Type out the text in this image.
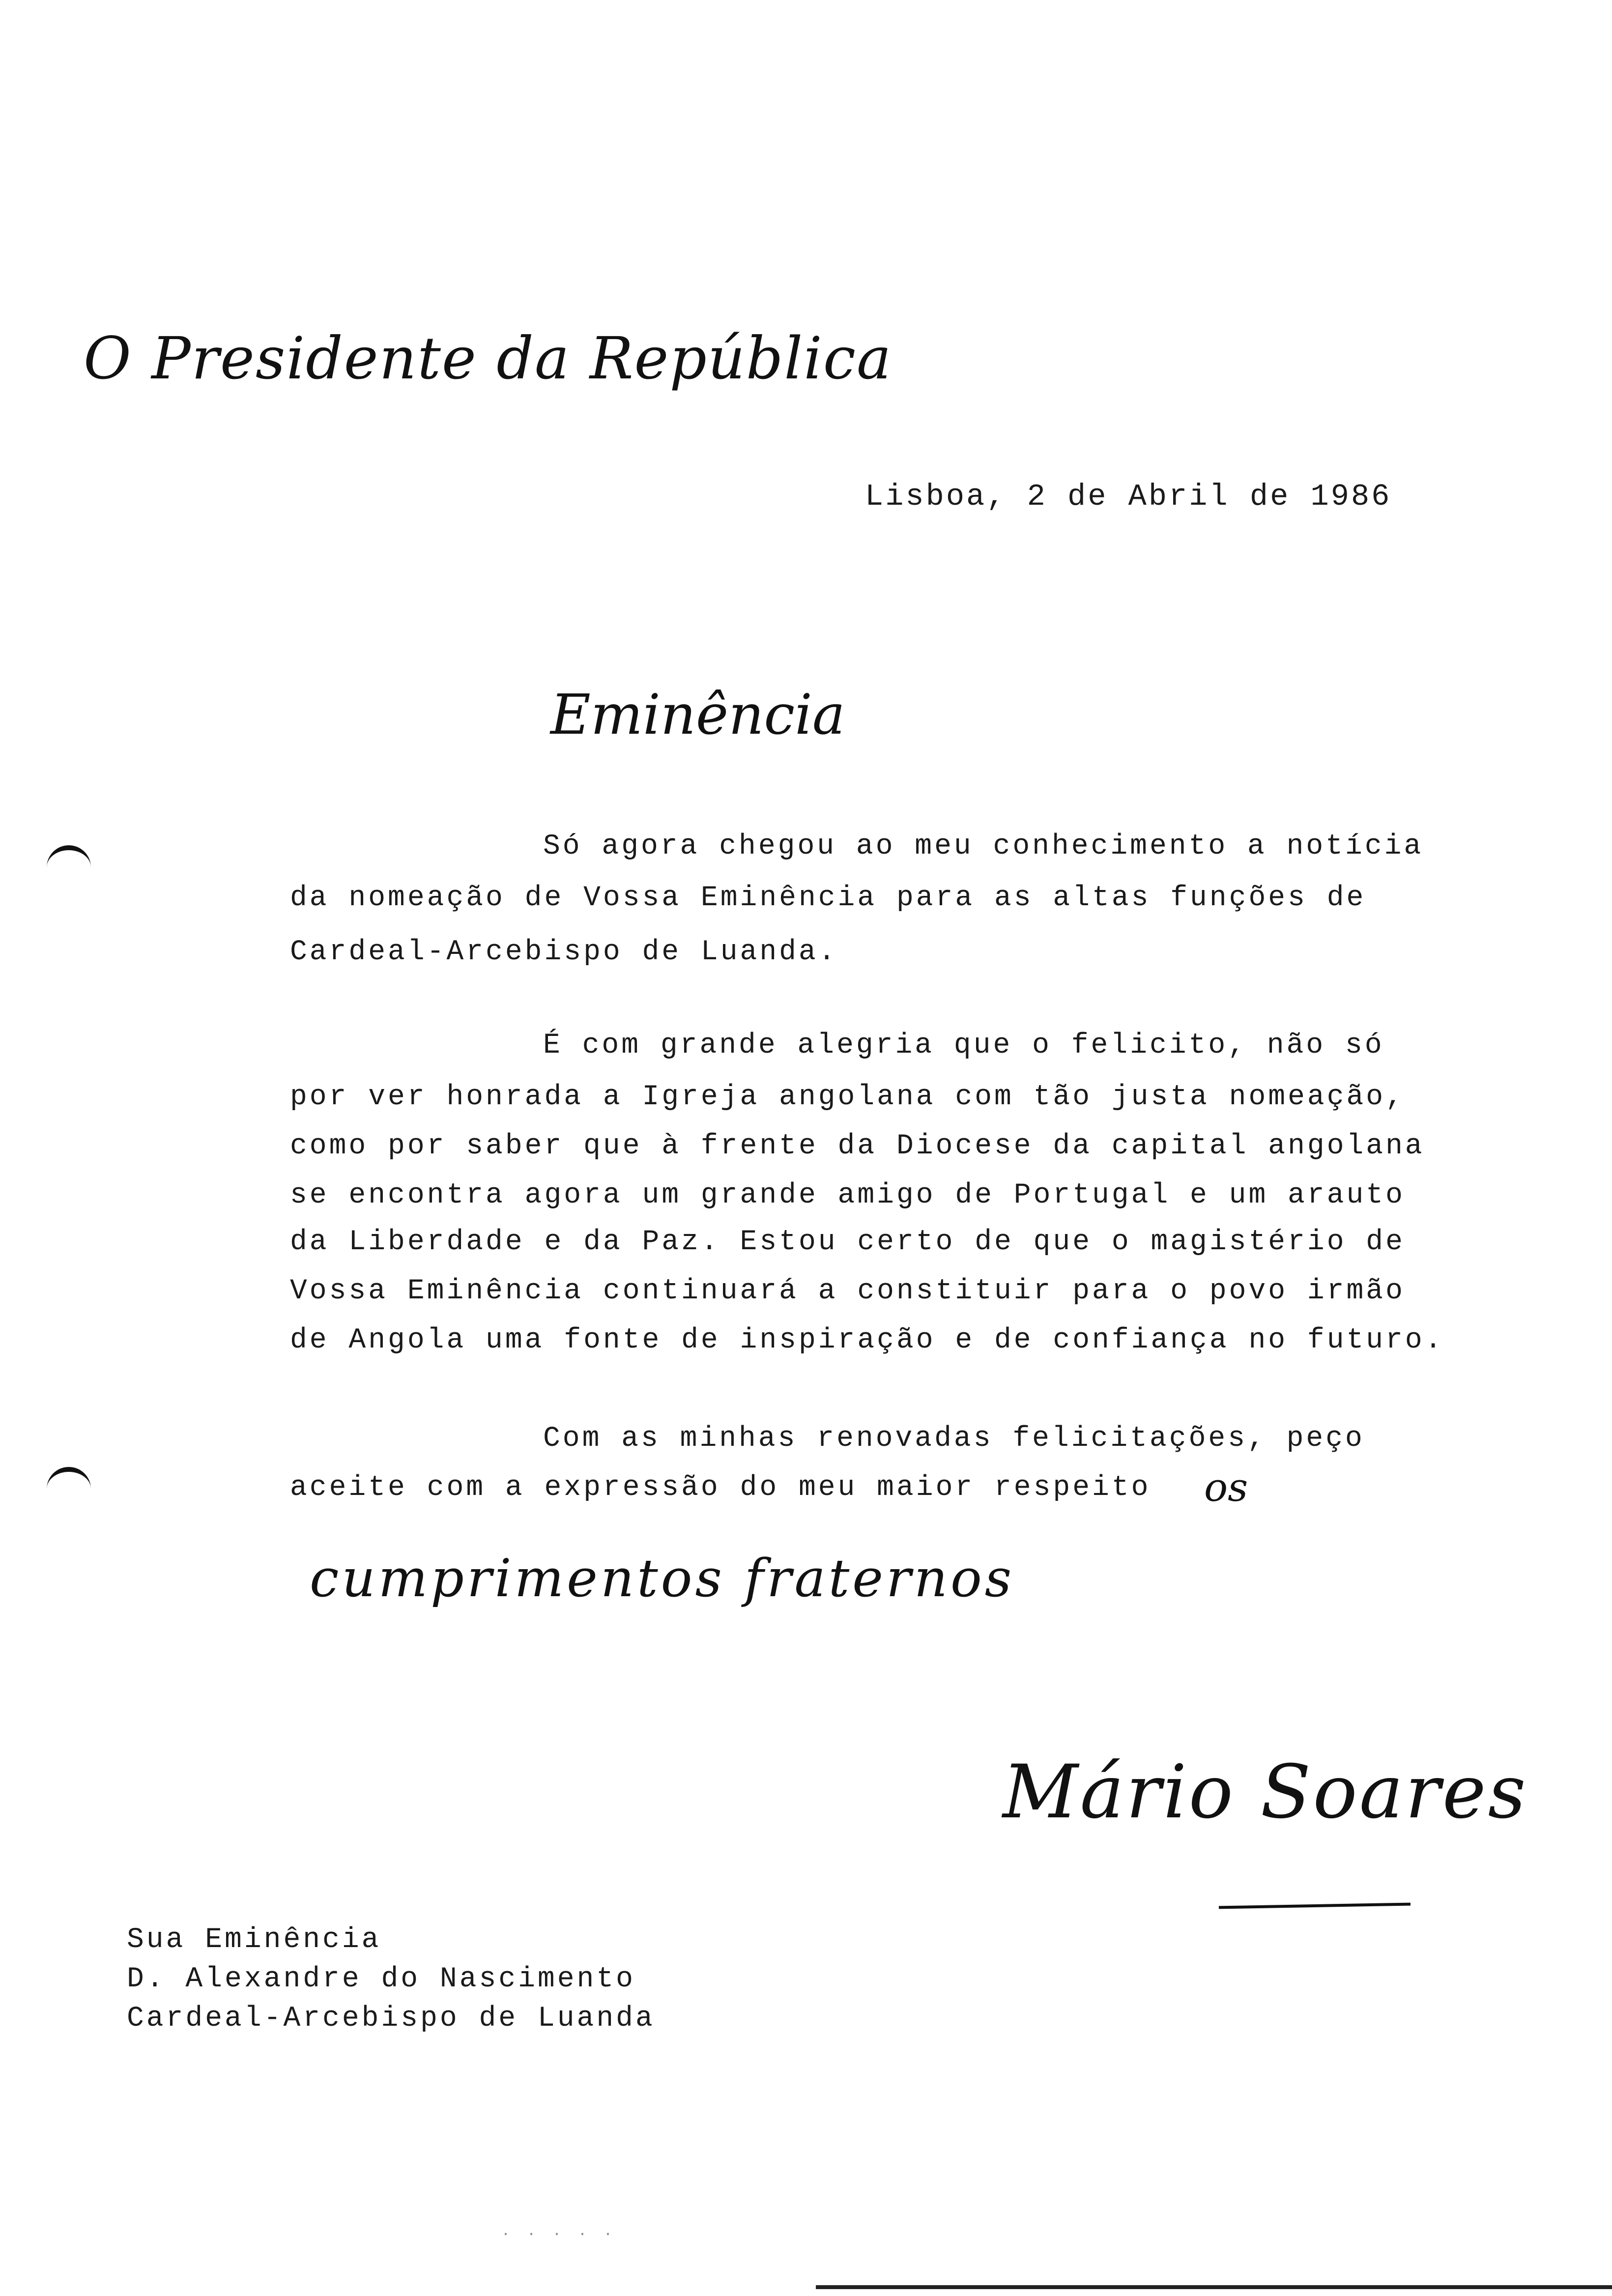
O Presidente da República
Lisboa, 2 de Abril de 1986
Eminência
Só agora chegou ao meu conhecimento a notícia
da nomeação de Vossa Eminência para as altas funções de
Cardeal-Arcebispo de Luanda.
É com grande alegria que o felicito, não só
por ver honrada a Igreja angolana com tão justa nomeação,
como por saber que à frente da Diocese da capital angolana
se encontra agora um grande amigo de Portugal e um arauto
da Liberdade e da Paz. Estou certo de que o magistério de
Vossa Eminência continuará a constituir para o povo irmão
de Angola uma fonte de inspiração e de confiança no futuro.
Com as minhas renovadas felicitações, peço
aceite com a expressão do meu maior respeito os
cumprimentos fraternos
Mário Soares
Sua Eminência
D. Alexandre do Nascimento
Cardeal-Arcebispo de Luanda
· · · · ·
